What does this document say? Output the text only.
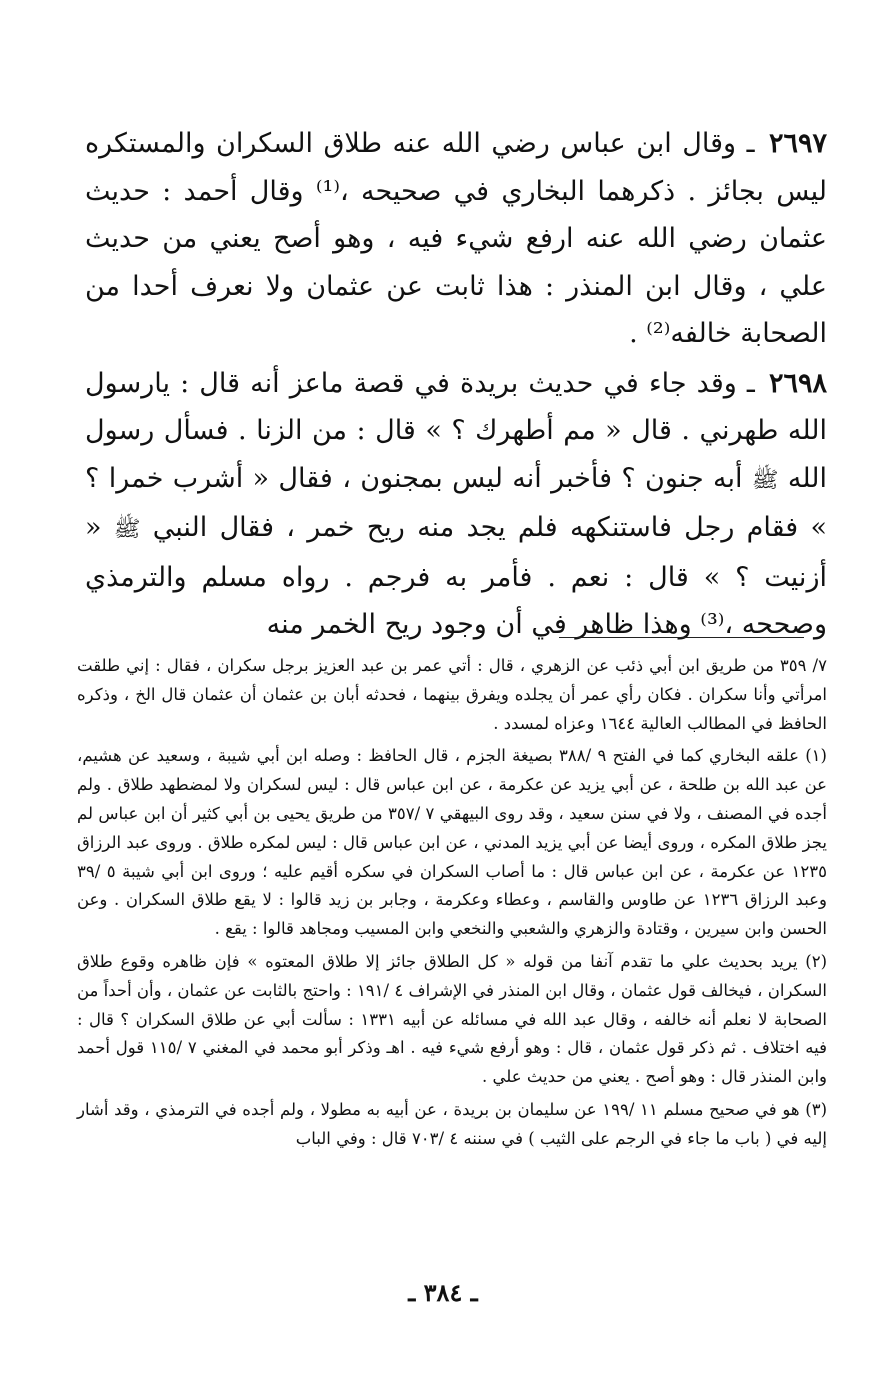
٢٦٩٧ ـ وقال ابن عباس رضي الله عنه طلاق السكران والمستكره ليس بجائز . ذكرهما البخاري في صحيحه ،⁽¹⁾ وقال أحمد : حديث عثمان رضي الله عنه ارفع شيء فيه ، وهو أصح يعني من حديث علي ، وقال ابن المنذر : هذا ثابت عن عثمان ولا نعرف أحدا من الصحابة خالفه⁽²⁾ .

٢٦٩٨ ـ وقد جاء في حديث بريدة في قصة ماعز أنه قال : يارسول الله طهرني . قال « مم أطهرك ؟ » قال : من الزنا . فسأل رسول الله ﷺ أبه جنون ؟ فأخبر أنه ليس بمجنون ، فقال « أشرب خمرا ؟ » فقام رجل فاستنكهه فلم يجد منه ريح خمر ، فقال النبي ﷺ « أزنيت ؟ » قال : نعم . فأمر به فرجم . رواه مسلم والترمذي وصححه ،⁽³⁾ وهذا ظاهر في أن وجود ريح الخمر منه

٧/ ٣٥٩ من طريق ابن أبي ذئب عن الزهري ، قال : أتي عمر بن عبد العزيز برجل سكران ، فقال : إني طلقت امرأتي وأنا سكران . فكان رأي عمر أن يجلده ويفرق بينهما ، فحدثه أبان بن عثمان أن عثمان قال الخ ، وذكره الحافظ في المطالب العالية ١٦٤٤ وعزاه لمسدد .

(١) علقه البخاري كما في الفتح ٩ /٣٨٨ بصيغة الجزم ، قال الحافظ : وصله ابن أبي شيبة ، وسعيد عن هشيم، عن عبد الله بن طلحة ، عن أبي يزيد عن عكرمة ، عن ابن عباس قال : ليس لسكران ولا لمضطهد طلاق . ولم أجده في المصنف ، ولا في سنن سعيد ، وقد روى البيهقي ٧ /٣٥٧ من طريق يحيى بن أبي كثير أن ابن عباس لم يجز طلاق المكره ، وروى أيضا عن أبي يزيد المدني ، عن ابن عباس قال : ليس لمكره طلاق . وروى عبد الرزاق ١٢٣٥ عن عكرمة ، عن ابن عباس قال : ما أصاب السكران في سكره أقيم عليه ؛ وروى ابن أبي شيبة ٥ /٣٩ وعبد الرزاق ١٢٣٦ عن طاوس والقاسم ، وعطاء وعكرمة ، وجابر بن زيد قالوا : لا يقع طلاق السكران . وعن الحسن وابن سيرين ، وقتادة والزهري والشعبي والنخعي وابن المسيب ومجاهد قالوا : يقع .

(٢) يريد بحديث علي ما تقدم آنفا من قوله « كل الطلاق جائز إلا طلاق المعتوه » فإن ظاهره وقوع طلاق السكران ، فيخالف قول عثمان ، وقال ابن المنذر في الإشراف ٤ /١٩١ : واحتج بالثابت عن عثمان ، وأن أحداً من الصحابة لا نعلم أنه خالفه ، وقال عبد الله في مسائله عن أبيه ١٣٣١ : سألت أبي عن طلاق السكران ؟ قال : فيه اختلاف . ثم ذكر قول عثمان ، قال : وهو أرفع شيء فيه . اهـ وذكر أبو محمد في المغني ٧ /١١٥ قول أحمد وابن المنذر قال : وهو أصح . يعني من حديث علي .

(٣) هو في صحيح مسلم ١١ /١٩٩ عن سليمان بن بريدة ، عن أبيه به مطولا ، ولم أجده في الترمذي ، وقد أشار إليه في ( باب ما جاء في الرجم على الثيب ) في سننه ٤ /٧٠٣ قال : وفي الباب

ـ ٣٨٤ ـ
